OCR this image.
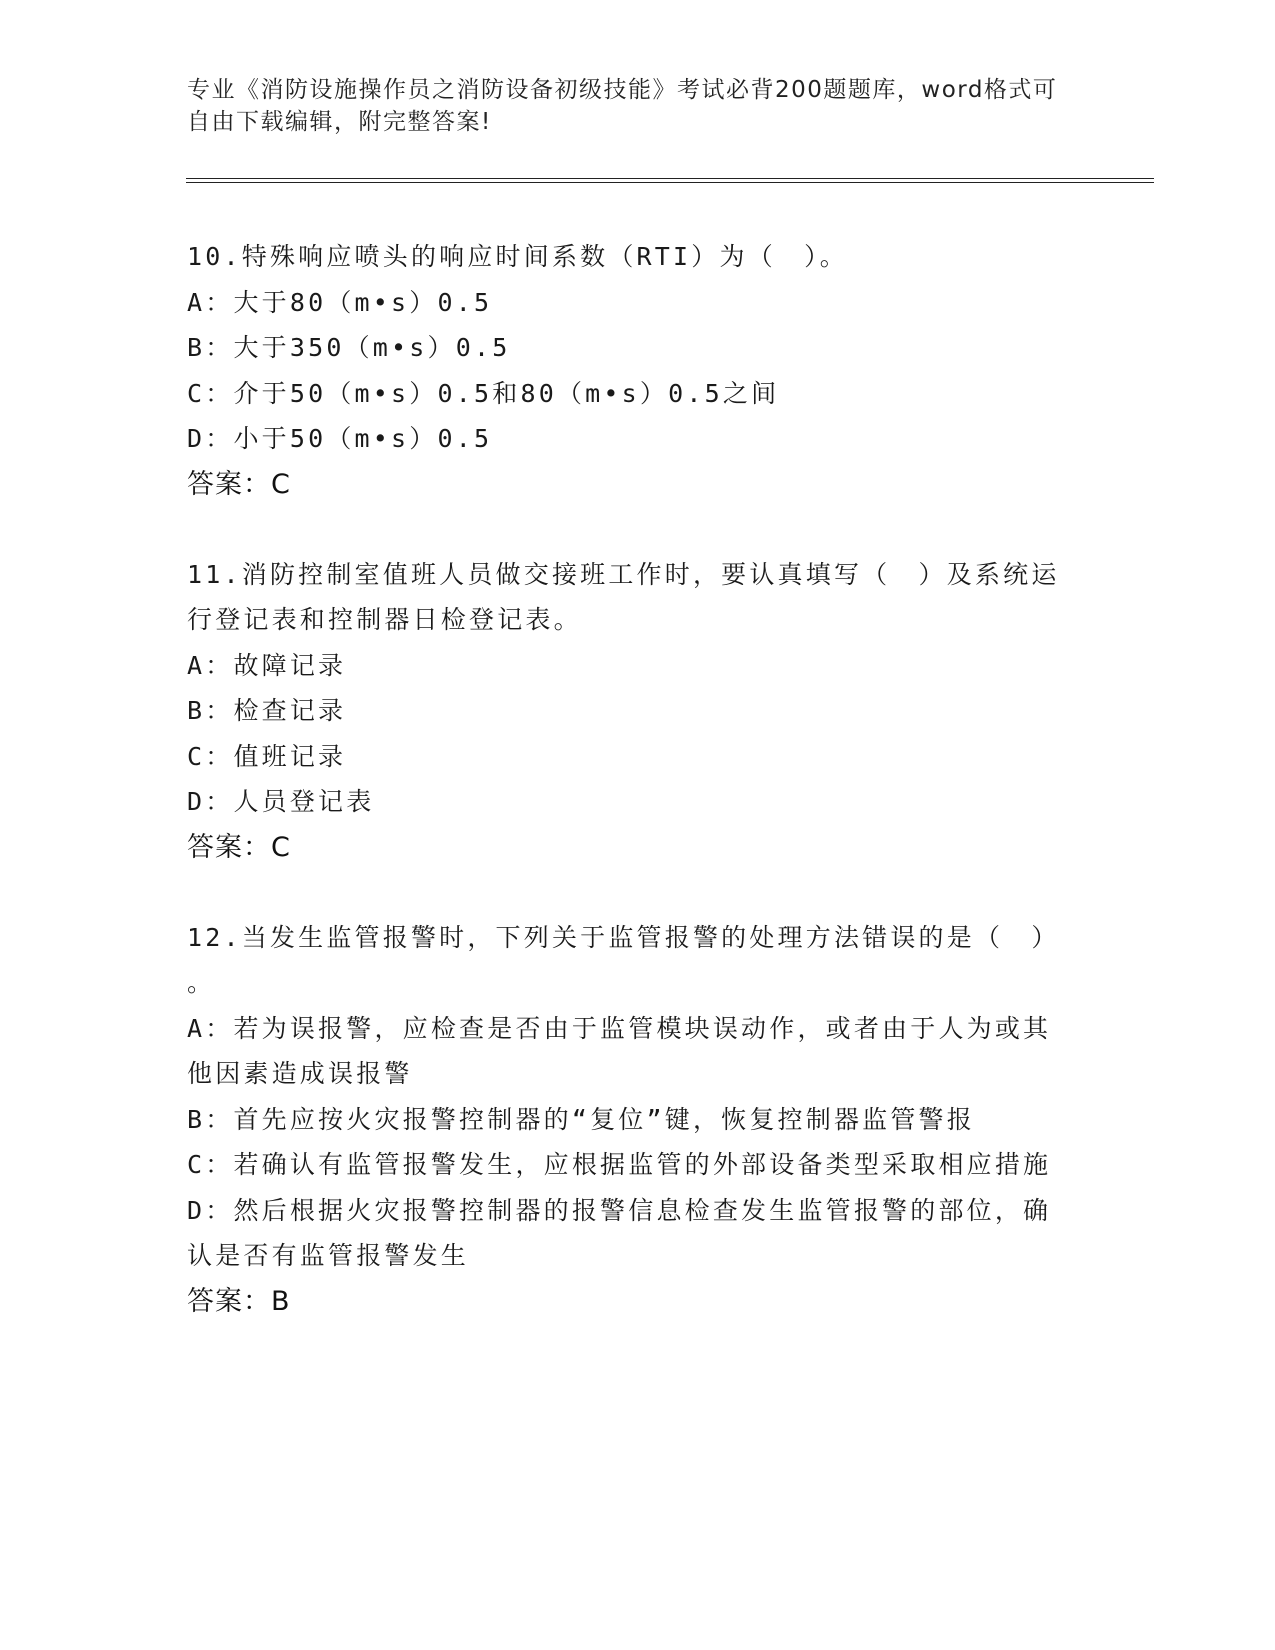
专业《消防设施操作员之消防设备初级技能》考试必背200题题库，word格式可
自由下载编辑，附完整答案!
10.特殊响应喷头的响应时间系数（RTI）为（　）。
A：大于80（m•s）0.5
B：大于350（m•s）0.5
C：介于50（m•s）0.5和80（m•s）0.5之间
D：小于50（m•s）0.5
答案：C
11.消防控制室值班人员做交接班工作时，要认真填写（　）及系统运
行登记表和控制器日检登记表。
A：故障记录
B：检查记录
C：值班记录
D：人员登记表
答案：C
12.当发生监管报警时，下列关于监管报警的处理方法错误的是（　）
。
A：若为误报警，应检查是否由于监管模块误动作，或者由于人为或其
他因素造成误报警
B：首先应按火灾报警控制器的“复位”键，恢复控制器监管警报
C：若确认有监管报警发生，应根据监管的外部设备类型采取相应措施
D：然后根据火灾报警控制器的报警信息检查发生监管报警的部位，确
认是否有监管报警发生
答案：B
